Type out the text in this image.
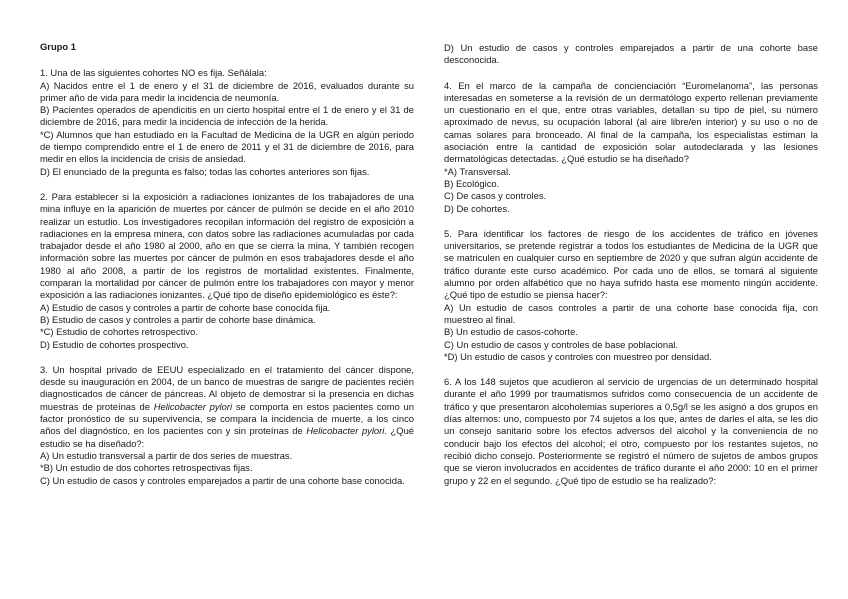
Grupo 1

1. Una de las siguientes cohortes NO es fija. Señálala:

A) Nacidos entre el 1 de enero y el 31 de diciembre de 2016, evaluados durante su primer año de vida para medir la incidencia de neumonía.

B) Pacientes operados de apendicitis en un cierto hospital entre el 1 de enero y el 31 de diciembre de 2016, para medir la incidencia de infección de la herida.

*C) Alumnos que han estudiado en la Facultad de Medicina de la UGR en algún periodo de tiempo comprendido entre el 1 de enero de 2011 y el 31 de diciembre de 2016, para medir en ellos la incidencia de crisis de ansiedad.

D) El enunciado de la pregunta es falso; todas las cohortes anteriores son fijas.

2. Para establecer si la exposición a radiaciones ionizantes de los trabajadores de una mina influye en la aparición de muertes por cáncer de pulmón se decide en el año 2010 realizar un estudio. Los investigadores recopilan información del registro de exposición a radiaciones en la empresa minera, con datos sobre las radiaciones acumuladas por cada trabajador desde el año 1980 al 2000, año en que se cierra la mina. Y también recogen información sobre las muertes por cáncer de pulmón en esos trabajadores desde el año 1980 al año 2008, a partir de los registros de mortalidad existentes. Finalmente, comparan la mortalidad por cáncer de pulmón entre los trabajadores con mayor y menor exposición a las radiaciones ionizantes. ¿Qué tipo de diseño epidemiológico es éste?:

A) Estudio de casos y controles a partir de cohorte base conocida fija.

B) Estudio de casos y controles a partir de cohorte base dinámica.

*C) Estudio de cohortes retrospectivo.

D) Estudio de cohortes prospectivo.

3. Un hospital privado de EEUU especializado en el tratamiento del cáncer dispone, desde su inauguración en 2004, de un banco de muestras de sangre de pacientes recién diagnosticados de cáncer de páncreas. Al objeto de demostrar si la presencia en dichas muestras de proteínas de Helicobacter pylori se comporta en estos pacientes como un factor pronóstico de su supervivencia, se compara la incidencia de muerte, a los cinco años del diagnóstico, en los pacientes con y sin proteínas de Helicobacter pylori. ¿Qué estudio se ha diseñado?:

A) Un estudio transversal a partir de dos series de muestras.

*B) Un estudio de dos cohortes retrospectivas fijas.

C) Un estudio de casos y controles emparejados a partir de una cohorte base conocida.

D) Un estudio de casos y controles emparejados a partir de una cohorte base desconocida.

4. En el marco de la campaña de concienciación “Euromelanoma”, las personas interesadas en someterse a la revisión de un dermatólogo experto rellenan previamente un cuestionario en el que, entre otras variables, detallan su tipo de piel, su número aproximado de nevus, su ocupación laboral (al aire libre/en interior) y su uso o no de camas solares para bronceado. Al final de la campaña, los especialistas estiman la asociación entre la cantidad de exposición solar autodeclarada y las lesiones dermatológicas detectadas. ¿Qué estudio se ha diseñado?

*A) Transversal.

B) Ecológico.

C) De casos y controles.

D) De cohortes.

5. Para identificar los factores de riesgo de los accidentes de tráfico en jóvenes universitarios, se pretende registrar a todos los estudiantes de Medicina de la UGR que se matriculen en cualquier curso en septiembre de 2020 y que sufran algún accidente de tráfico durante este curso académico. Por cada uno de ellos, se tomará al siguiente alumno por orden alfabético que no haya sufrido hasta ese momento ningún accidente. ¿Qué tipo de estudio se piensa hacer?:

A) Un estudio de casos controles a partir de una cohorte base conocida fija, con muestreo al final.

B) Un estudio de casos-cohorte.

C) Un estudio de casos y controles de base poblacional.

*D) Un estudio de casos y controles con muestreo por densidad.

6. A los 148 sujetos que acudieron al servicio de urgencias de un determinado hospital durante el año 1999 por traumatismos sufridos como consecuencia de un accidente de tráfico y que presentaron alcoholemias superiores a 0,5g/l se les asignó a dos grupos en días alternos: uno, compuesto por 74 sujetos a los que, antes de darles el alta, se les dio un consejo sanitario sobre los efectos adversos del alcohol y la conveniencia de no conducir bajo los efectos del alcohol; el otro, compuesto por los restantes sujetos, no recibió dicho consejo. Posteriormente se registró el número de sujetos de ambos grupos que se vieron involucrados en accidentes de tráfico durante el año 2000: 10 en el primer grupo y 22 en el segundo. ¿Qué tipo de estudio se ha realizado?:
